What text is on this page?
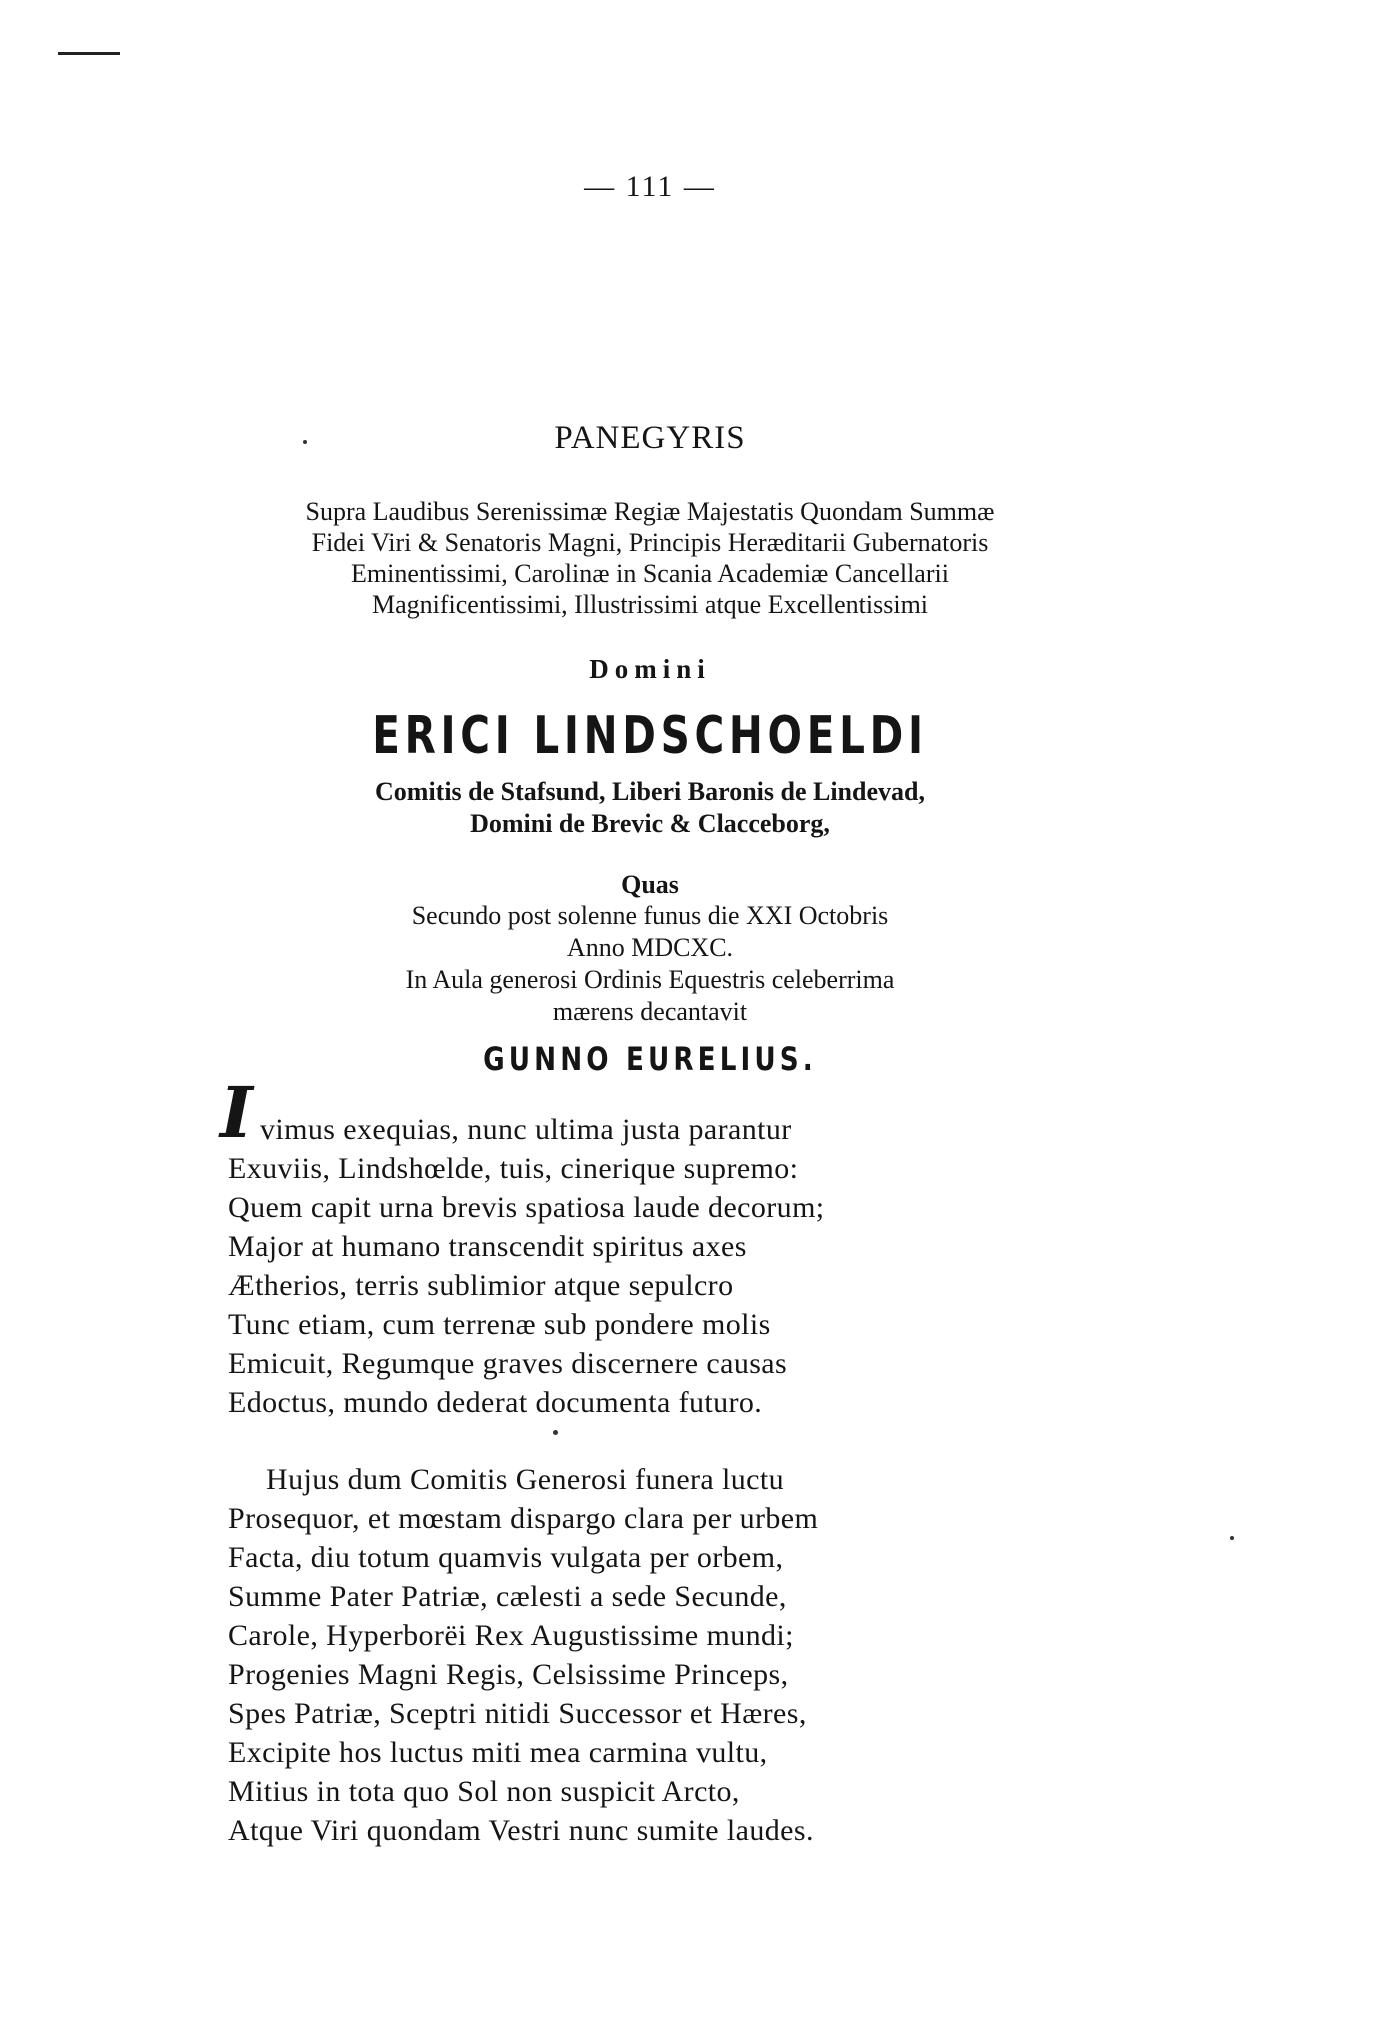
— 111 —
PANEGYRIS
Supra Laudibus Serenissimæ Regiæ Majestatis Quondam Summæ
Fidei Viri & Senatoris Magni, Principis Heræditarii Gubernatoris
Eminentissimi, Carolinæ in Scania Academiæ Cancellarii
Magnificentissimi, Illustrissimi atque Excellentissimi
Domini
ERICI LINDSCHOELDI
Comitis de Stafsund, Liberi Baronis de Lindevad,
Domini de Brevic & Clacceborg,
Quas
Secundo post solenne funus die XXI Octobris
Anno MDCXC.
In Aula generosi Ordinis Equestris celeberrima
mærens decantavit
GUNNO EURELIUS.
I vimus exequias, nunc ultima justa parantur
Exuviis, Lindshœlde, tuis, cinerique supremo:
Quem capit urna brevis spatiosa laude decorum;
Major at humano transcendit spiritus axes
Ætherios, terris sublimior atque sepulcro
Tunc etiam, cum terrenæ sub pondere molis
Emicuit, Regumque graves discernere causas
Edoctus, mundo dederat documenta futuro.
Hujus dum Comitis Generosi funera luctu
Prosequor, et mœstam dispargo clara per urbem
Facta, diu totum quamvis vulgata per orbem,
Summe Pater Patriæ, cælesti a sede Secunde,
Carole, Hyperborëi Rex Augustissime mundi;
Progenies Magni Regis, Celsissime Princeps,
Spes Patriæ, Sceptri nitidi Successor et Hæres,
Excipite hos luctus miti mea carmina vultu,
Mitius in tota quo Sol non suspicit Arcto,
Atque Viri quondam Vestri nunc sumite laudes.
